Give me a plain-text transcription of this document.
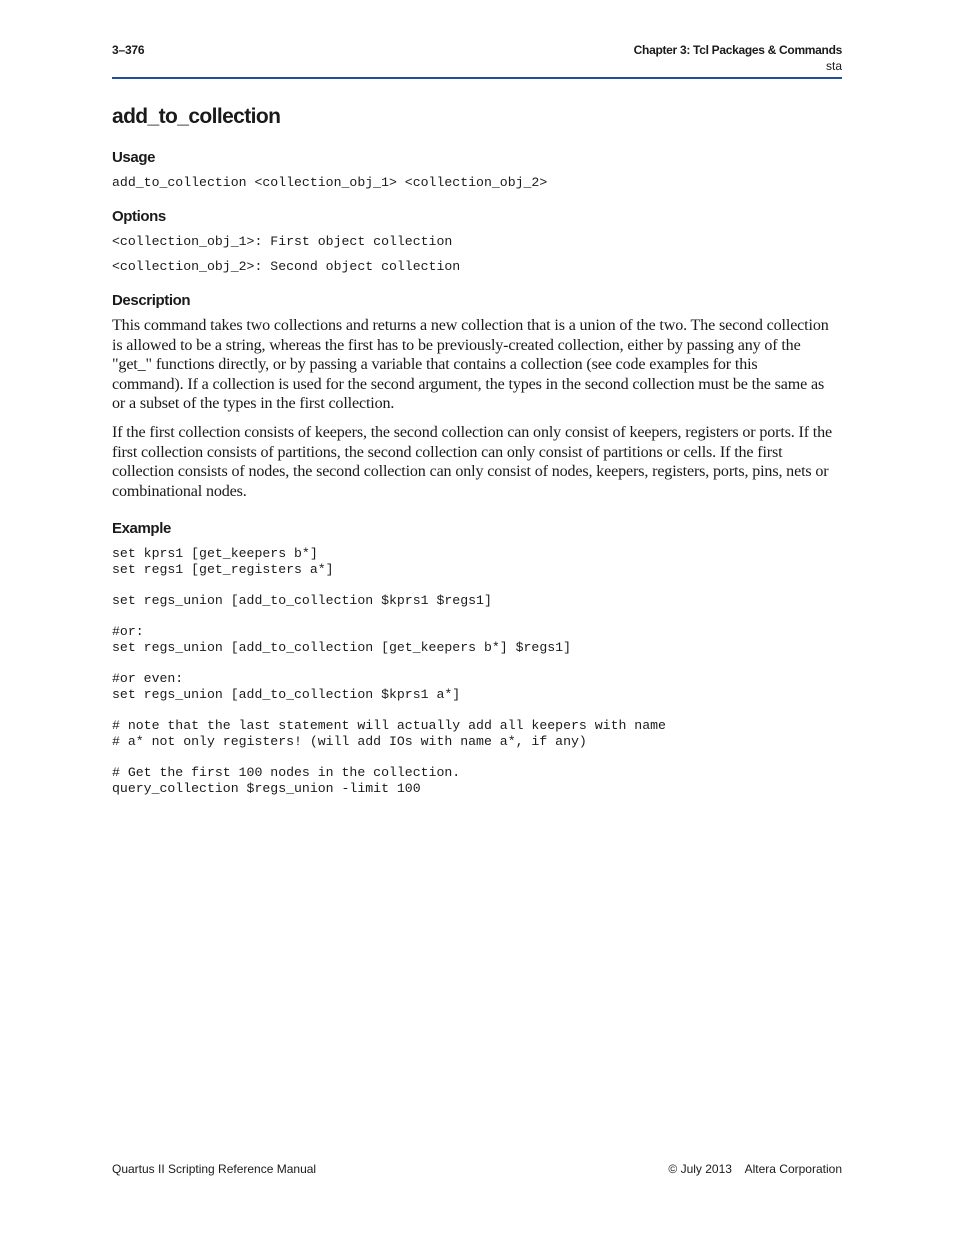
3–376	Chapter 3: Tcl Packages & Commands
sta
add_to_collection
Usage
add_to_collection <collection_obj_1> <collection_obj_2>
Options
<collection_obj_1>: First object collection
<collection_obj_2>: Second object collection
Description

This command takes two collections and returns a new collection that is a union of the two. The second collection is allowed to be a string, whereas the first has to be previously-created collection, either by passing any of the "get_" functions directly, or by passing a variable that contains a collection (see code examples for this command). If a collection is used for the second argument, the types in the second collection must be the same as or a subset of the types in the first collection.

If the first collection consists of keepers, the second collection can only consist of keepers, registers or ports. If the first collection consists of partitions, the second collection can only consist of partitions or cells. If the first collection consists of nodes, the second collection can only consist of nodes, keepers, registers, ports, pins, nets or combinational nodes.

Example
set kprs1 [get_keepers b*]
set regs1 [get_registers a*]
set regs_union [add_to_collection $kprs1 $regs1]
#or:
set regs_union [add_to_collection [get_keepers b*] $regs1]
#or even:
set regs_union [add_to_collection $kprs1 a*]
# note that the last statement will actually add all keepers with name
# a* not only registers! (will add IOs with name a*, if any)
# Get the first 100 nodes in the collection.
query_collection $regs_union -limit 100
Quartus II Scripting Reference Manual	© July 2013    Altera Corporation
